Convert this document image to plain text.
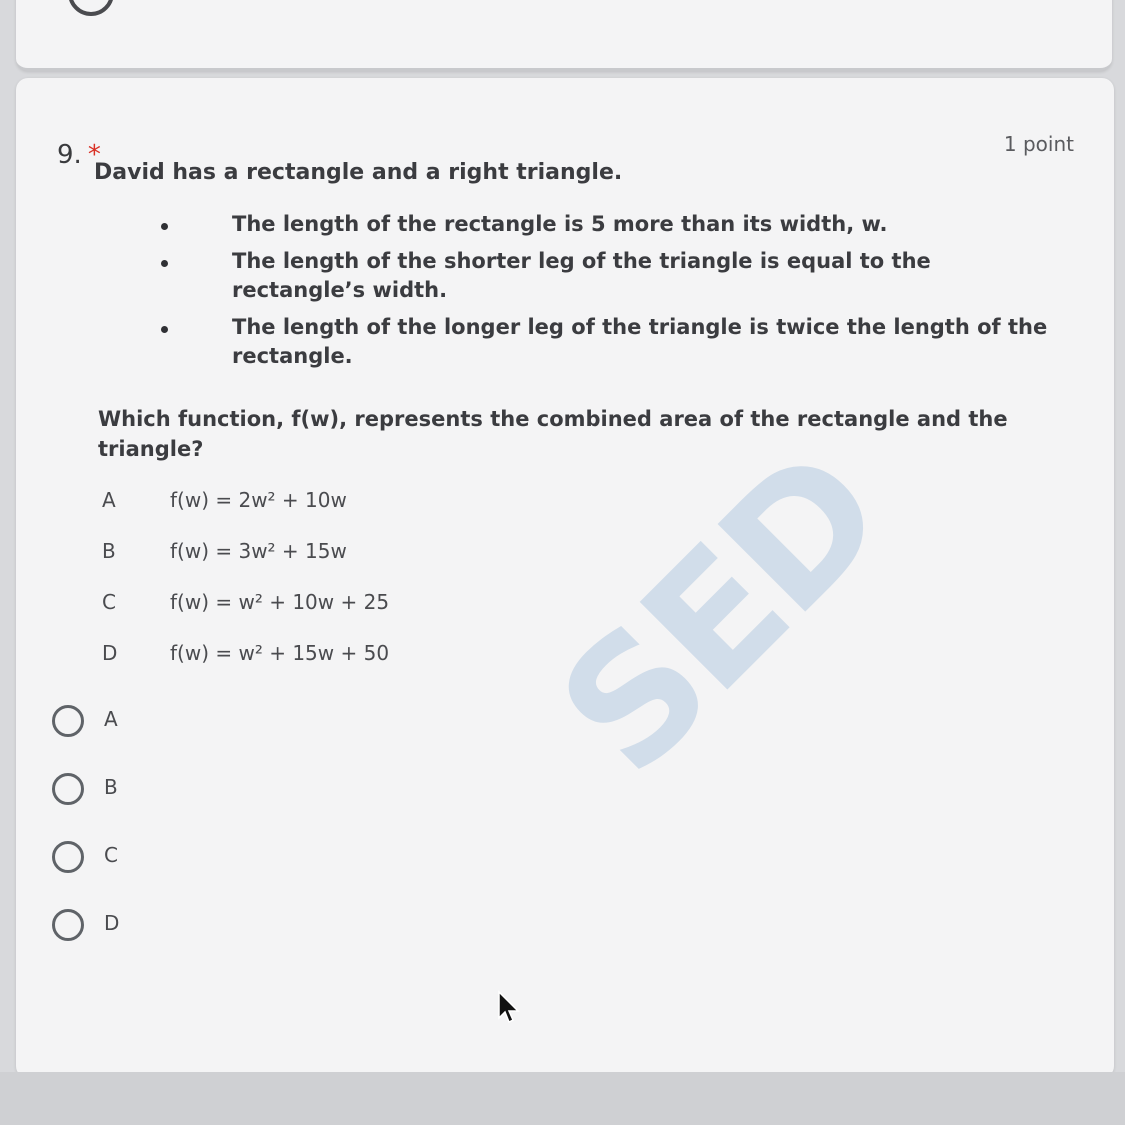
9. *	1 point
SED
David has a rectangle and a right triangle.
The length of the rectangle is 5 more than its width, w.
The length of the shorter leg of the triangle is equal to the rectangle’s width.
The length of the longer leg of the triangle is twice the length of the rectangle.
Which function, f(w), represents the combined area of the rectangle and the triangle?
A	f(w) = 2w² + 10w
B	f(w) = 3w² + 15w
C	f(w) = w² + 10w + 25
D	f(w) = w² + 15w + 50
A
B
C
D
